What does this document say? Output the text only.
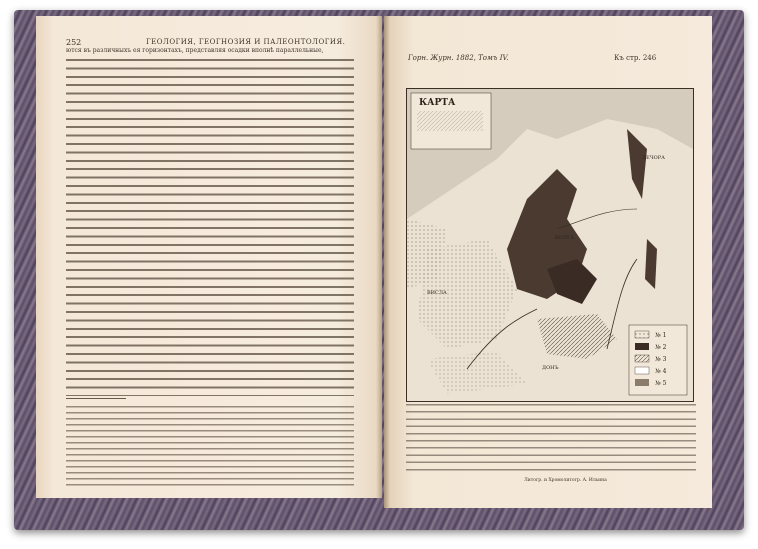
252	ГЕОЛОГИЯ, ГЕОГНОЗИЯ И ПАЛЕОНТОЛОГИЯ.
ются въ различныхъ ея горизонтахъ, представляя осадки вполнѣ параллельные,
Горн. Журн. 1882, Томъ IV.	Къ стр. 246
КАРТА
№ 1
№ 2
№ 3
№ 4
№ 5
ЛЕЧОРА
ВОЛГА
ДОНЪ
ВИСЛА
Литогр. и Хромолитогр. А. Ильина
